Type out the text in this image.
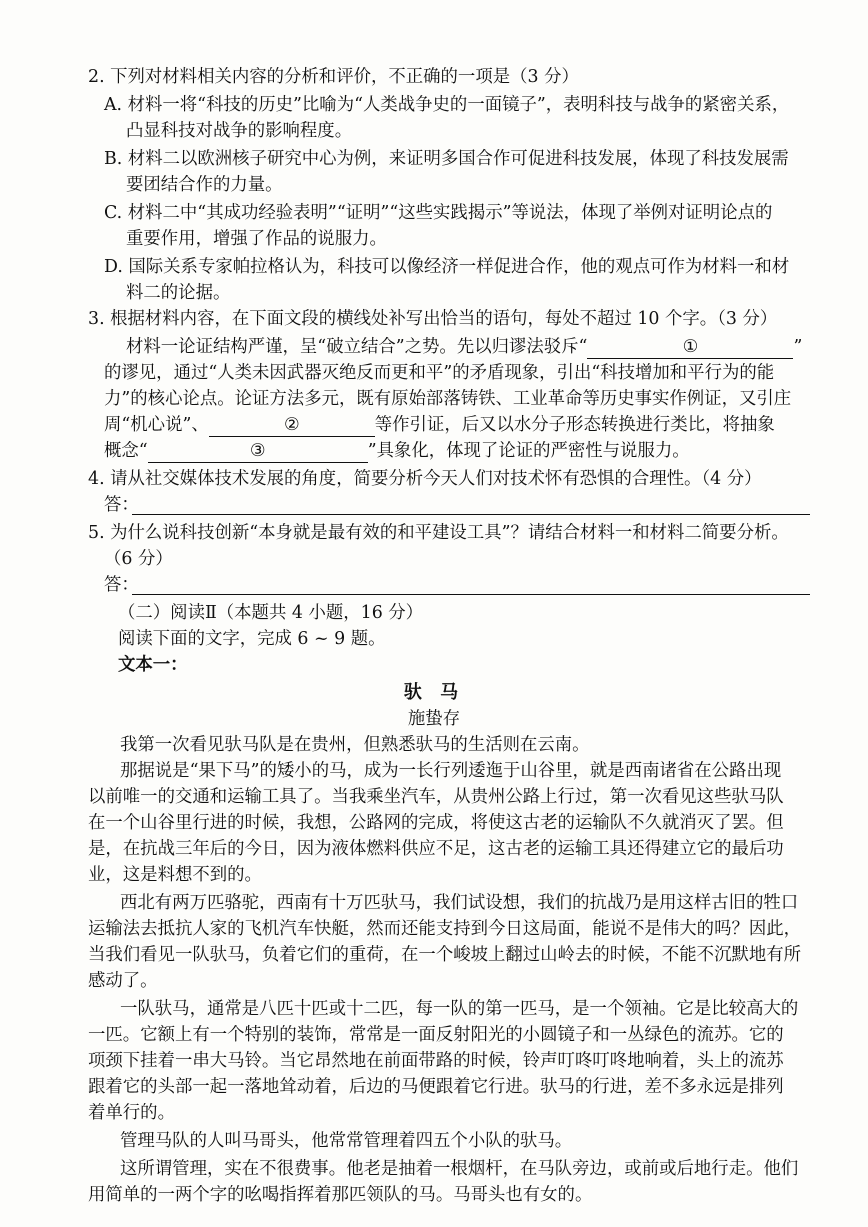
2. 下列对材料相关内容的分析和评价，不正确的一项是（3 分）
A. 材料一将“科技的历史”比喻为“人类战争史的一面镜子”，表明科技与战争的紧密关系，
凸显科技对战争的影响程度。
B. 材料二以欧洲核子研究中心为例，来证明多国合作可促进科技发展，体现了科技发展需
要团结合作的力量。
C. 材料二中“其成功经验表明”“证明”“这些实践揭示”等说法，体现了举例对证明论点的
重要作用，增强了作品的说服力。
D. 国际关系专家帕拉格认为，科技可以像经济一样促进合作，他的观点可作为材料一和材
料二的论据。
3. 根据材料内容，在下面文段的横线处补写出恰当的语句，每处不超过 10 个字。（3 分）
材料一论证结构严谨，呈“破立结合”之势。先以归谬法驳斥“	①	”
的谬见，通过“人类未因武器灭绝反而更和平”的矛盾现象，引出“科技增加和平行为的能
力”的核心论点。论证方法多元，既有原始部落铸铁、工业革命等历史事实作例证，又引庄
周“机心说”、	②	等作引证，后又以水分子形态转换进行类比，将抽象
概念“	③	”具象化，体现了论证的严密性与说服力。
4. 请从社交媒体技术发展的角度，简要分析今天人们对技术怀有恐惧的合理性。（4 分）
答：
5. 为什么说科技创新“本身就是最有效的和平建设工具”？请结合材料一和材料二简要分析。
（6 分）
答：
（二）阅读Ⅱ（本题共 4 小题，16 分）
阅读下面的文字，完成 6 ~ 9 题。
文本一：
驮 马
施蛰存
我第一次看见驮马队是在贵州，但熟悉驮马的生活则在云南。
那据说是“果下马”的矮小的马，成为一长行列逶迤于山谷里，就是西南诸省在公路出现
以前唯一的交通和运输工具了。当我乘坐汽车，从贵州公路上行过，第一次看见这些驮马队
在一个山谷里行进的时候，我想，公路网的完成，将使这古老的运输队不久就消灭了罢。但
是，在抗战三年后的今日，因为液体燃料供应不足，这古老的运输工具还得建立它的最后功
业，这是料想不到的。
西北有两万匹骆驼，西南有十万匹驮马，我们试设想，我们的抗战乃是用这样古旧的牲口
运输法去抵抗人家的飞机汽车快艇，然而还能支持到今日这局面，能说不是伟大的吗？因此，
当我们看见一队驮马，负着它们的重荷，在一个峻坡上翻过山岭去的时候，不能不沉默地有所
感动了。
一队驮马，通常是八匹十匹或十二匹，每一队的第一匹马，是一个领袖。它是比较高大的
一匹。它额上有一个特别的装饰，常常是一面反射阳光的小圆镜子和一丛绿色的流苏。它的
项颈下挂着一串大马铃。当它昂然地在前面带路的时候，铃声叮咚叮咚地响着，头上的流苏
跟着它的头部一起一落地耸动着，后边的马便跟着它行进。驮马的行进，差不多永远是排列
着单行的。
管理马队的人叫马哥头，他常常管理着四五个小队的驮马。
这所谓管理，实在不很费事。他老是抽着一根烟杆，在马队旁边，或前或后地行走。他们
用简单的一两个字的吆喝指挥着那匹领队的马。马哥头也有女的。
